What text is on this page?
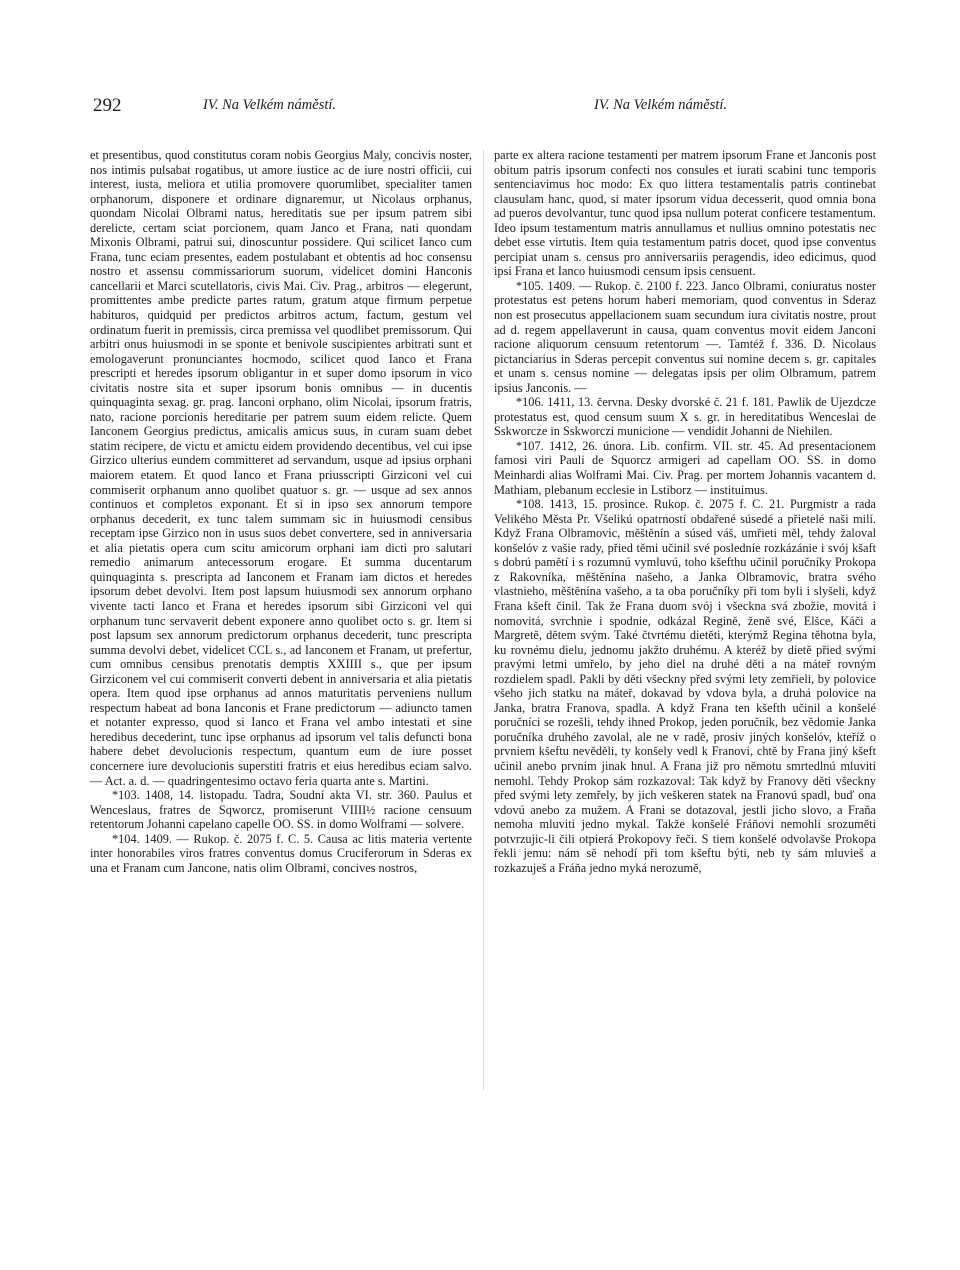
292	IV. Na Velkém náměstí.	IV. Na Velkém náměstí.

et presentibus, quod constitutus coram nobis Georgius Maly, concivis noster, nos intimis pulsabat rogatibus, ut amore iustice ac de iure nostri officii, cui interest, iusta, meliora et utilia promovere quorumlibet, specialiter tamen orphanorum, disponere et ordinare dignaremur, ut Nicolaus orphanus, quondam Nicolai Olbrami natus, hereditatis sue per ipsum patrem sibi derelicte, certam sciat porcionem, quam Janco et Frana, nati quondam Mixonis Olbrami, patrui sui, dinoscuntur possidere. Qui scilicet Ianco cum Frana, tunc eciam presentes, eadem postulabant et obtentis ad hoc consensu nostro et assensu commissariorum suorum, videlicet domini Hanconis cancellarii et Marci scutellatoris, civis Mai. Civ. Prag., arbitros — elegerunt, promittentes ambe predicte partes ratum, gratum atque firmum perpetue habituros, quidquid per predictos arbitros actum, factum, gestum vel ordinatum fuerit in premissis, circa premissa vel quodlibet premissorum. Qui arbitri onus huiusmodi in se sponte et benivole suscipientes arbitrati sunt et emologaverunt pronunciantes hocmodo, scilicet quod Ianco et Frana prescripti et heredes ipsorum obligantur in et super domo ipsorum in vico civitatis nostre sita et super ipsorum bonis omnibus — in ducentis quinquaginta sexag. gr. prag. Ianconi orphano, olim Nicolai, ipsorum fratris, nato, racione porcionis hereditarie per patrem suum eidem relicte. Quem Ianconem Georgius predictus, amicalis amicus suus, in curam suam debet statim recipere, de victu et amictu eidem providendo decentibus, vel cui ipse Girzico ulterius eundem committeret ad servandum, usque ad ipsius orphani maiorem etatem. Et quod Ianco et Frana priusscripti Girziconi vel cui commiserit orphanum anno quolibet quatuor s. gr. — usque ad sex annos continuos et completos exponant. Et si in ipso sex annorum tempore orphanus decederit, ex tunc talem summam sic in huiusmodi censibus receptam ipse Girzico non in usus suos debet convertere, sed in anniversaria et alia pietatis opera cum scitu amicorum orphani iam dicti pro salutari remedio animarum antecessorum erogare. Et summa ducentarum quinquaginta s. prescripta ad Ianconem et Franam iam dictos et heredes ipsorum debet devolvi. Item post lapsum huiusmodi sex annorum orphano vivente tacti Ianco et Frana et heredes ipsorum sibi Girziconi vel qui orphanum tunc servaverit debent exponere anno quolibet octo s. gr. Item si post lapsum sex annorum predictorum orphanus decederit, tunc prescripta summa devolvi debet, videlicet CCL s., ad Ianconem et Franam, ut prefertur, cum omnibus censibus prenotatis demptis XXIIII s., que per ipsum Girziconem vel cui commiserit converti debent in anniversaria et alia pietatis opera. Item quod ipse orphanus ad annos maturitatis perveniens nullum respectum habeat ad bona Ianconis et Frane predictorum — adiuncto tamen et notanter expresso, quod si Ianco et Frana vel ambo intestati et sine heredibus decederint, tunc ipse orphanus ad ipsorum vel talis defuncti bona habere debet devolucionis respectum, quantum eum de iure posset concernere iure devolucionis superstiti fratris et eius heredibus eciam salvo. — Act. a. d. — quadringentesimo octavo feria quarta ante s. Martini.

*103. 1408, 14. listopadu. Tadra, Soudní akta VI. str. 360. Paulus et Wenceslaus, fratres de Sqworcz, promiserunt VIIII½ racione censuum retentorum Johanni capelano capelle OO. SS. in domo Wolframi — solvere.

*104. 1409. — Rukop. č. 2075 f. C. 5. Causa ac litis materia vertente inter honorabiles viros fratres conventus domus Cruciferorum in Sderas ex una et Franam cum Jancone, natis olim Olbrami, concives nostros,

parte ex altera racione testamenti per matrem ipsorum Frane et Janconis post obitum patris ipsorum confecti nos consules et iurati scabini tunc temporis sentenciavimus hoc modo: Ex quo littera testamentalis patris continebat clausulam hanc, quod, si mater ipsorum vidua decesserit, quod omnia bona ad pueros devolvantur, tunc quod ipsa nullum poterat conficere testamentum. Ideo ipsum testamentum matris annullamus et nullius omnino potestatis nec debet esse virtutis. Item quia testamentum patris docet, quod ipse conventus percipiat unam s. census pro anniversariis peragendis, ideo edicimus, quod ipsi Frana et Ianco huiusmodi censum ipsis censuent.

*105. 1409. — Rukop. č. 2100 f. 223. Janco Olbrami, coniuratus noster protestatus est petens horum haberi memoriam, quod conventus in Sderaz non est prosecutus appellacionem suam secundum iura civitatis nostre, prout ad d. regem appellaverunt in causa, quam conventus movit eidem Janconi racione aliquorum censuum retentorum —. Tamtéž f. 336. D. Nicolaus pictanciarius in Sderas percepit conventus sui nomine decem s. gr. capitales et unam s. census nomine — delegatas ipsis per olim Olbramum, patrem ipsius Janconis. —

*106. 1411, 13. června. Desky dvorské č. 21 f. 181. Pawlik de Ujezdcze protestatus est, quod censum suum X s. gr. in hereditatibus Wenceslai de Sskworcze in Sskworczi municione — vendidit Johanni de Niehilen.

*107. 1412, 26. února. Lib. confirm. VII. str. 45. Ad presentacionem famosi viri Pauli de Squorcz armigeri ad capellam OO. SS. in domo Meinhardi alias Wolframi Mai. Civ. Prag. per mortem Johannis vacantem d. Mathiam, plebanum ecclesie in Lstiborz — instituimus.

*108. 1413, 15. prosince. Rukop. č. 2075 f. C. 21. Purgmistr a rada Velikého Města Pr. Všelikú opatrností obdařené súsedé a přietelé naši milí. Když Frana Olbramovic, měštěnín a súsed váš, umřieti měl, tehdy žaloval konšelóv z vašie rady, přied těmi učinil své posledníe rozkázánie i svój kšaft s dobrú pamětí i s rozumnú vymluvú, toho kšefthu učinil poručníky Prokopa z Rakovníka, měštěnína našeho, a Janka Olbramovic, bratra svého vlastnieho, měštěnína vašeho, a ta oba poručníky při tom byli i slyšeli, když Frana kšeft činil. Tak že Frana duom svój i všeckna svá zbožie, movitá i nomovitá, svrchnie i spodnie, odkázal Regině, ženě své, Elšce, Káči a Margretě, dětem svým. Také čtvrtému dietěti, kterýmž Regina těhotna byla, ku rovnému dielu, jednomu jakžto druhému. A kteréž by dietě přied svými pravými letmi umřelo, by jeho diel na druhé děti a na máteř rovným rozdielem spadl. Pakli by děti všeckny před svými lety zemřieli, by polovice všeho jich statku na máteř, dokavad by vdova byla, a druhá polovice na Janka, bratra Franova, spadla. A když Frana ten kšefth učinil a konšelé poručníci se rozešli, tehdy ihned Prokop, jeden poručník, bez vědomie Janka poručníka druhého zavolal, ale ne v radě, prosiv jiných konšelóv, kteříž o prvniem kšeftu nevěděli, ty konšely vedl k Franovi, chtě by Frana jiný kšeft učinil anebo prvním jinak hnul. A Frana již pro němotu smrtedlnú mluviti nemohl. Tehdy Prokop sám rozkazoval: Tak když by Franovy děti všeckny před svými lety zemřely, by jich veškeren statek na Franovú spadl, buď ona vdovú anebo za mužem. A Frani se dotazoval, jestli jicho slovo, a Fraňa nemoha mluviti jedno mykal. Takže konšelé Fráňovi nemohli srozuměti potvrzujic-li čili otpierá Prokopovy řeči. S tiem konšelé odvolavše Prokopa řekli jemu: nám sě nehodí při tom kšeftu býti, neb ty sám mluvieš a rozkazuješ a Fráňa jedno myká nerozumě,
